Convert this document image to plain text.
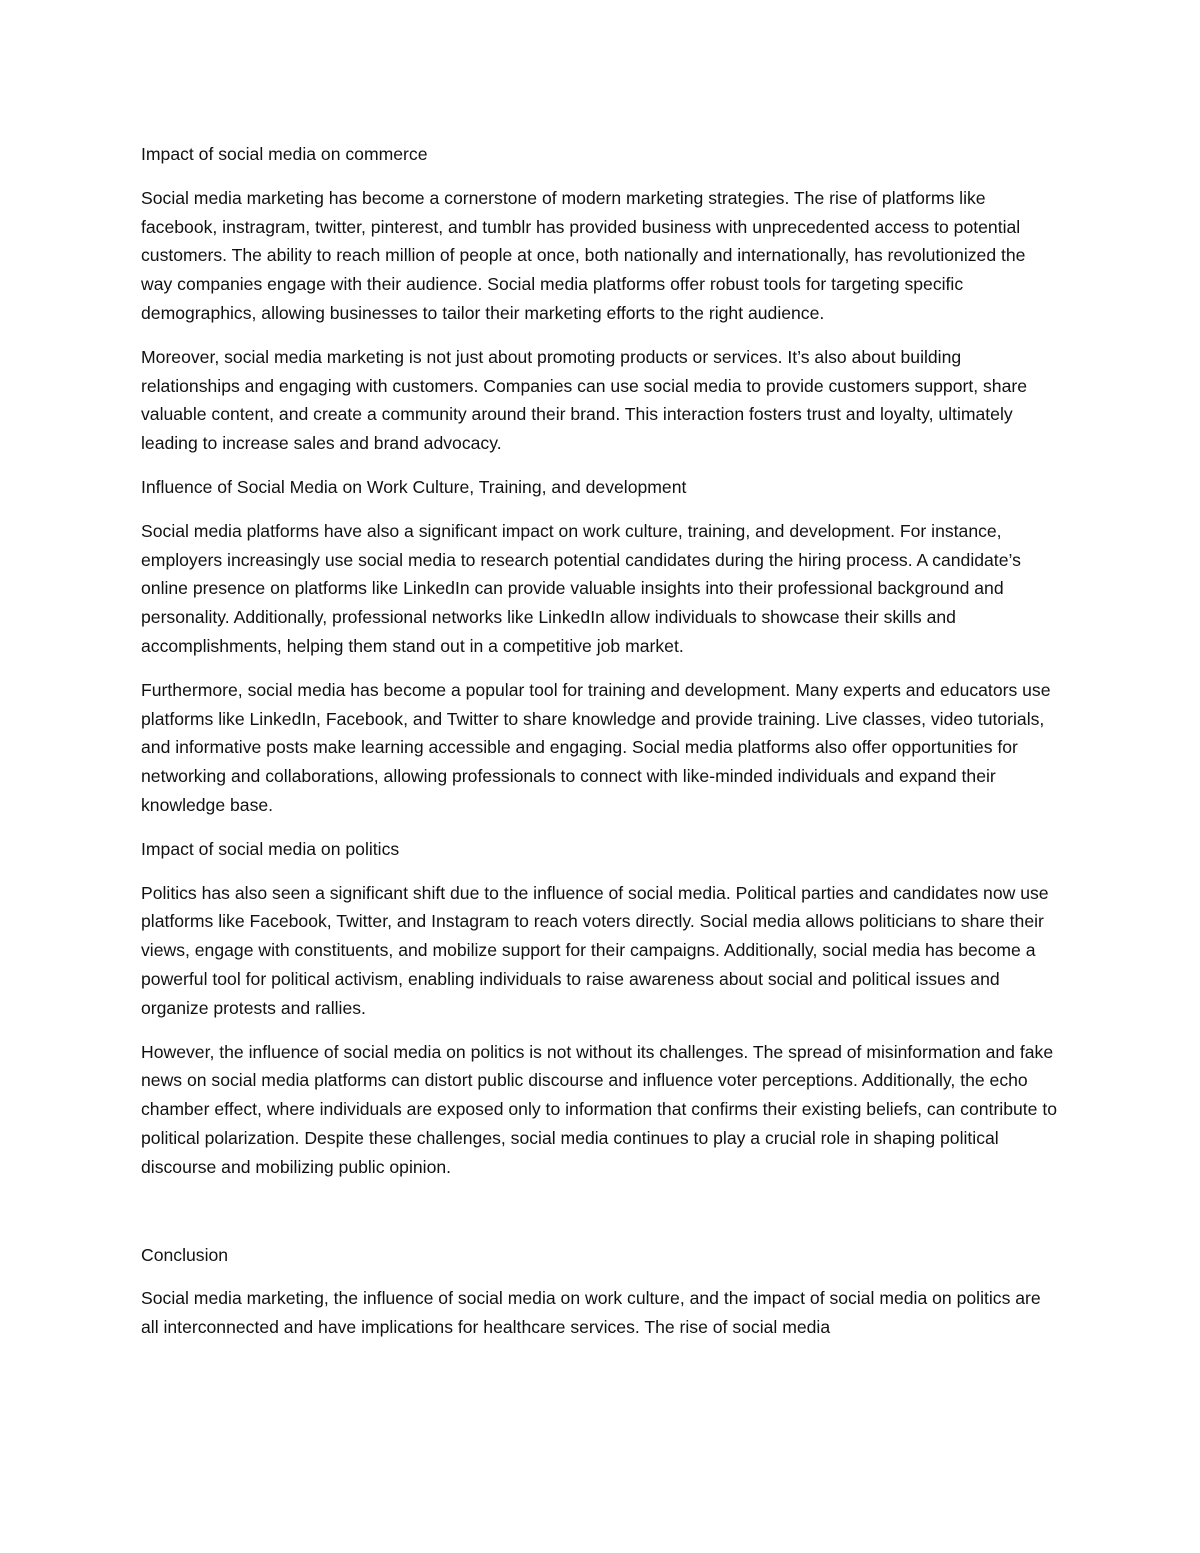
Impact of social media on commerce

Social media marketing has become a cornerstone of modern marketing strategies. The rise of platforms like facebook, instragram, twitter, pinterest, and tumblr has provided business with unprecedented access to potential customers. The ability to reach million of people at once, both nationally and internationally, has revolutionized the way companies engage with their audience. Social media platforms offer robust tools for targeting specific demographics, allowing businesses to tailor their marketing efforts to the right audience.

Moreover, social media marketing is not just about promoting products or services. It’s also about building relationships and engaging with customers. Companies can use social media to provide customers support, share valuable content, and create a community around their brand. This interaction fosters trust and loyalty, ultimately leading to increase sales and brand advocacy.

Influence of Social Media on Work Culture, Training, and development

Social media platforms have also a significant impact on work culture, training, and development. For instance, employers increasingly use social media to research potential candidates during the hiring process. A candidate’s online presence on platforms like LinkedIn can provide valuable insights into their professional background and personality. Additionally, professional networks like LinkedIn allow individuals to showcase their skills and accomplishments, helping them stand out in a competitive job market.

Furthermore, social media has become a popular tool for training and development. Many experts and educators use platforms like LinkedIn, Facebook, and Twitter to share knowledge and provide training. Live classes, video tutorials, and informative posts make learning accessible and engaging. Social media platforms also offer opportunities for networking and collaborations, allowing professionals to connect with like-minded individuals and expand their knowledge base.

Impact of social media on politics

Politics has also seen a significant shift due to the influence of social media. Political parties and candidates now use platforms like Facebook, Twitter, and Instagram to reach voters directly. Social media allows politicians to share their views, engage with constituents, and mobilize support for their campaigns. Additionally, social media has become a powerful tool for political activism, enabling individuals to raise awareness about social and political issues and organize protests and rallies.

However, the influence of social media on politics is not without its challenges. The spread of misinformation and fake news on social media platforms can distort public discourse and influence voter perceptions. Additionally, the echo chamber effect, where individuals are exposed only to information that confirms their existing beliefs, can contribute to political polarization. Despite these challenges, social media continues to play a crucial role in shaping political discourse and mobilizing public opinion.

Conclusion

Social media marketing, the influence of social media on work culture, and the impact of social media on politics are all interconnected and have implications for healthcare services. The rise of social media
